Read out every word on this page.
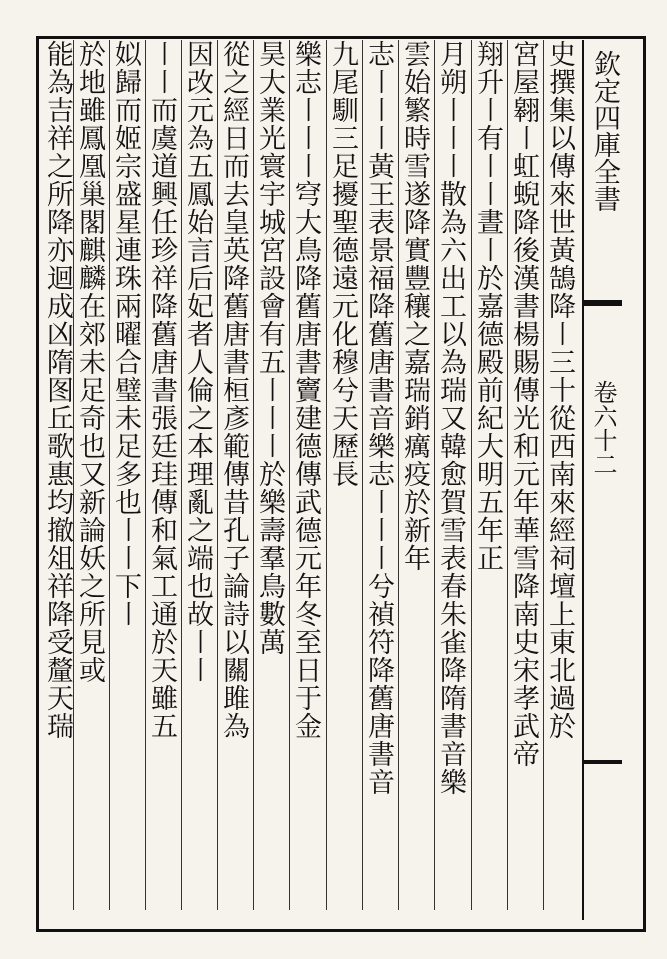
欽定四庫全書
卷六十二
史撰集以傳來世黃鵠降〡三十從西南來經祠壇上東北過於
宮屋翱〡虹蜺降後漢書楊賜傳光和元年華雪降南史宋孝武帝
翔升〡有〡〡晝〡於嘉德殿前紀大明五年正
月朔〡〡〡散為六出工以為瑞又韓愈賀雪表春朱雀降隋書音樂
雲始繁時雪遂降實豐穰之嘉瑞銷癘疫於新年
志〡〡〡黃王表景福降舊唐書音樂志〡〡〡兮禎符降舊唐書音
九尾馴三足擾聖德遠元化穆兮天歷長
樂志〡〡〡穹大鳥降舊唐書竇建德傳武德元年冬至日于金
昊大業光寰宇城宮設會有五〡〡〡於樂壽羣鳥數萬
從之經日而去皇英降舊唐書桓彥範傳昔孔子論詩以關雎為
因改元為五鳳始言后妃者人倫之本理亂之端也故〡〡
〡〡而虞道興任珍祥降舊唐書張廷珪傳和氣工通於天雖五
姒歸而姬宗盛星連珠兩曜合璧未足多也〡〡下〡
於地雖鳳凰巢閣麒麟在郊未足奇也又新論妖之所見或
能為吉祥之所降亦迴成凶隋图丘歌惠均撤俎祥降受釐天瑞
